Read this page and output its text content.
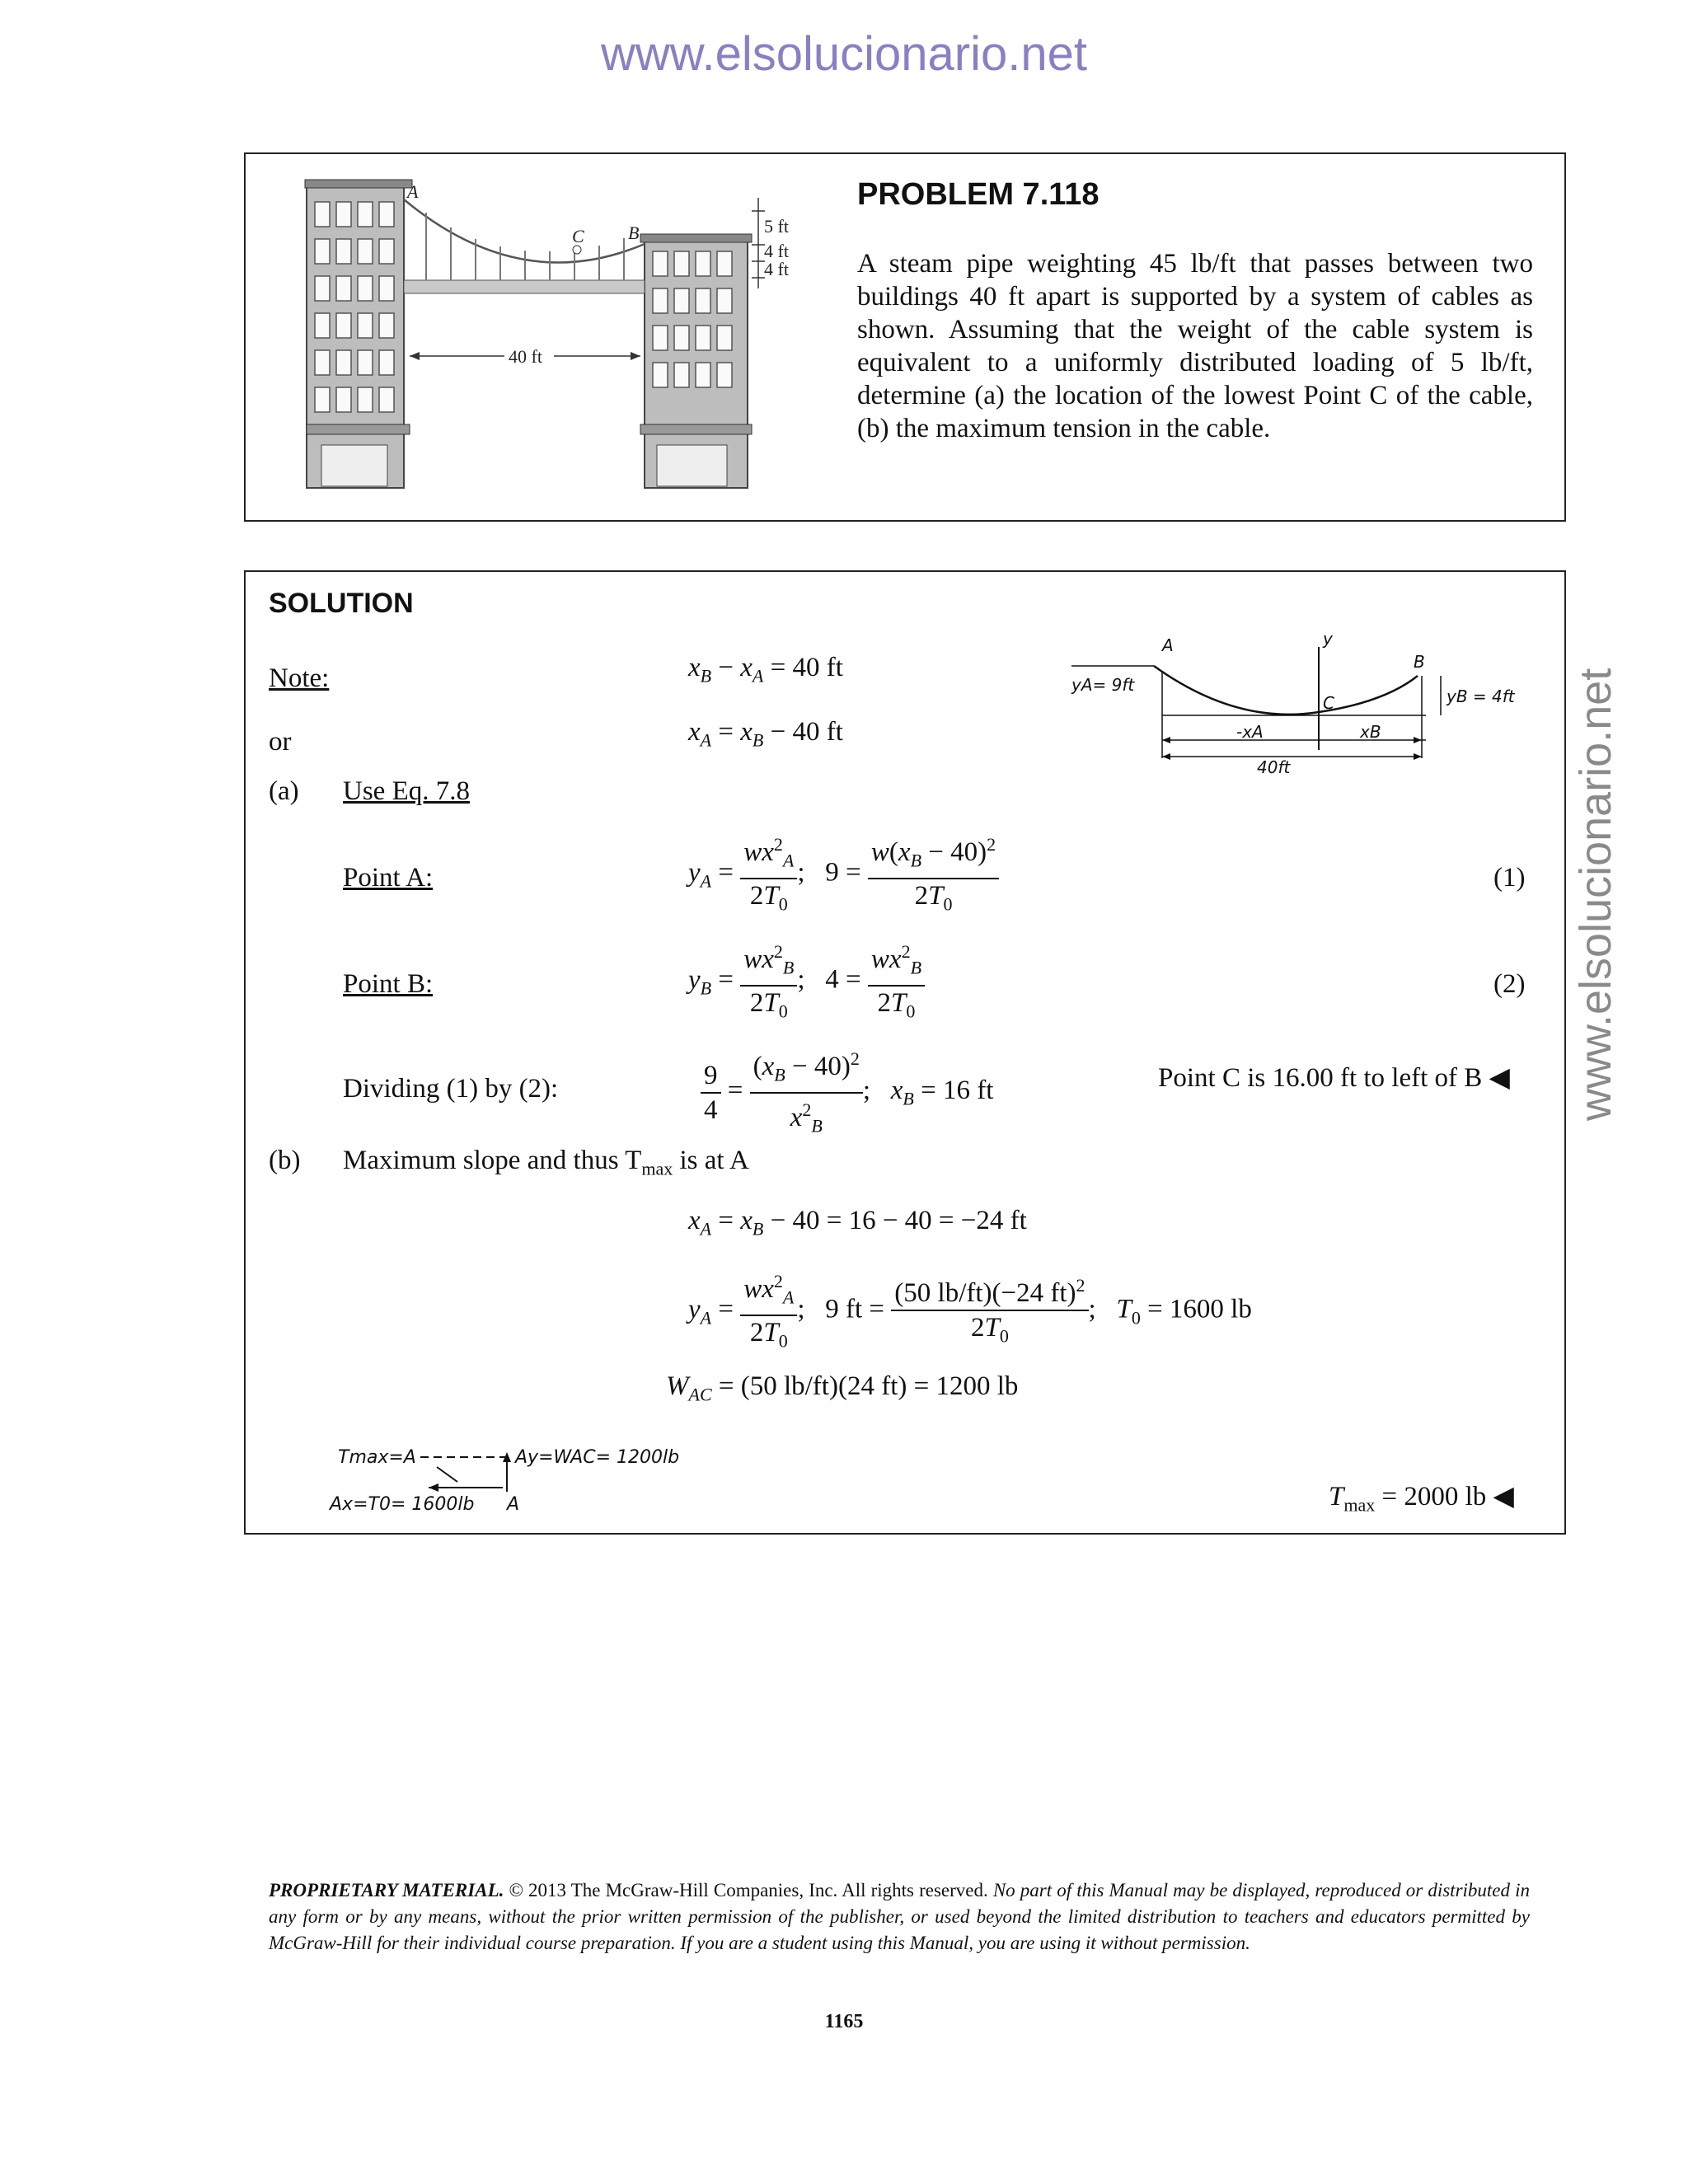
www.elsolucionario.net
www.elsolucionario.net
A
B
C	5 ft
4 ft
4 ft
40 ft
PROBLEM 7.118
A steam pipe weighting 45 lb/ft that passes between two buildings 40 ft apart is supported by a system of cables as shown. Assuming that the weight of the cable system is equivalent to a uniformly distributed loading of 5 lb/ft, determine (a) the location of the lowest Point C of the cable, (b) the maximum tension in the cable.
SOLUTION
Note:	$x_B - x_A = 40$ ft
or	$x_A = x_B - 40$ ft
A
B
C
y
yA= 9ft
yB = 4ft
-xA	xB
40ft
(a) Use Eq. 7.8
Point A:	$y_A = \frac{wx^2_A}{2T_0}$ ;   $9 = \frac{w(x_B - 40)^2}{2T_0}$	(1)
Point B:	$y_B = \frac{wx^2_B}{2T_0}$ ;   $4 = \frac{wx^2_B}{2T_0}$	(2)
Dividing (1) by (2):	$\frac{9}{4} = \frac{(x_B - 40)^2}{x^2_B}$ ;   $x_B = 16$ ft	Point C is 16.00 ft to left of B ◀
(b) Maximum slope and thus $T_{max}$ is at A
$x_A = x_B - 40 = 16 - 40 = -24$ ft
$y_A = \frac{wx^2_A}{2T_0}$ ;   9 ft = $\frac{(50 lb/ft)(-24 ft)^2}{2T_0}$ ;   $T_0 = 1600$ lb
$W_{AC} = (50$ lb/ft)(24 ft) = 1200 lb
Tmax=A	Ay=WAC= 1200lb
Ax=T0= 1600lb A	$T_{max} = 2000$ lb ◀
PROPRIETARY MATERIAL. © 2013 The McGraw-Hill Companies, Inc. All rights reserved. No part of this Manual may be displayed, reproduced or distributed in any form or by any means, without the prior written permission of the publisher, or used beyond the limited distribution to teachers and educators permitted by McGraw-Hill for their individual course preparation. If you are a student using this Manual, you are using it without permission.
1165
